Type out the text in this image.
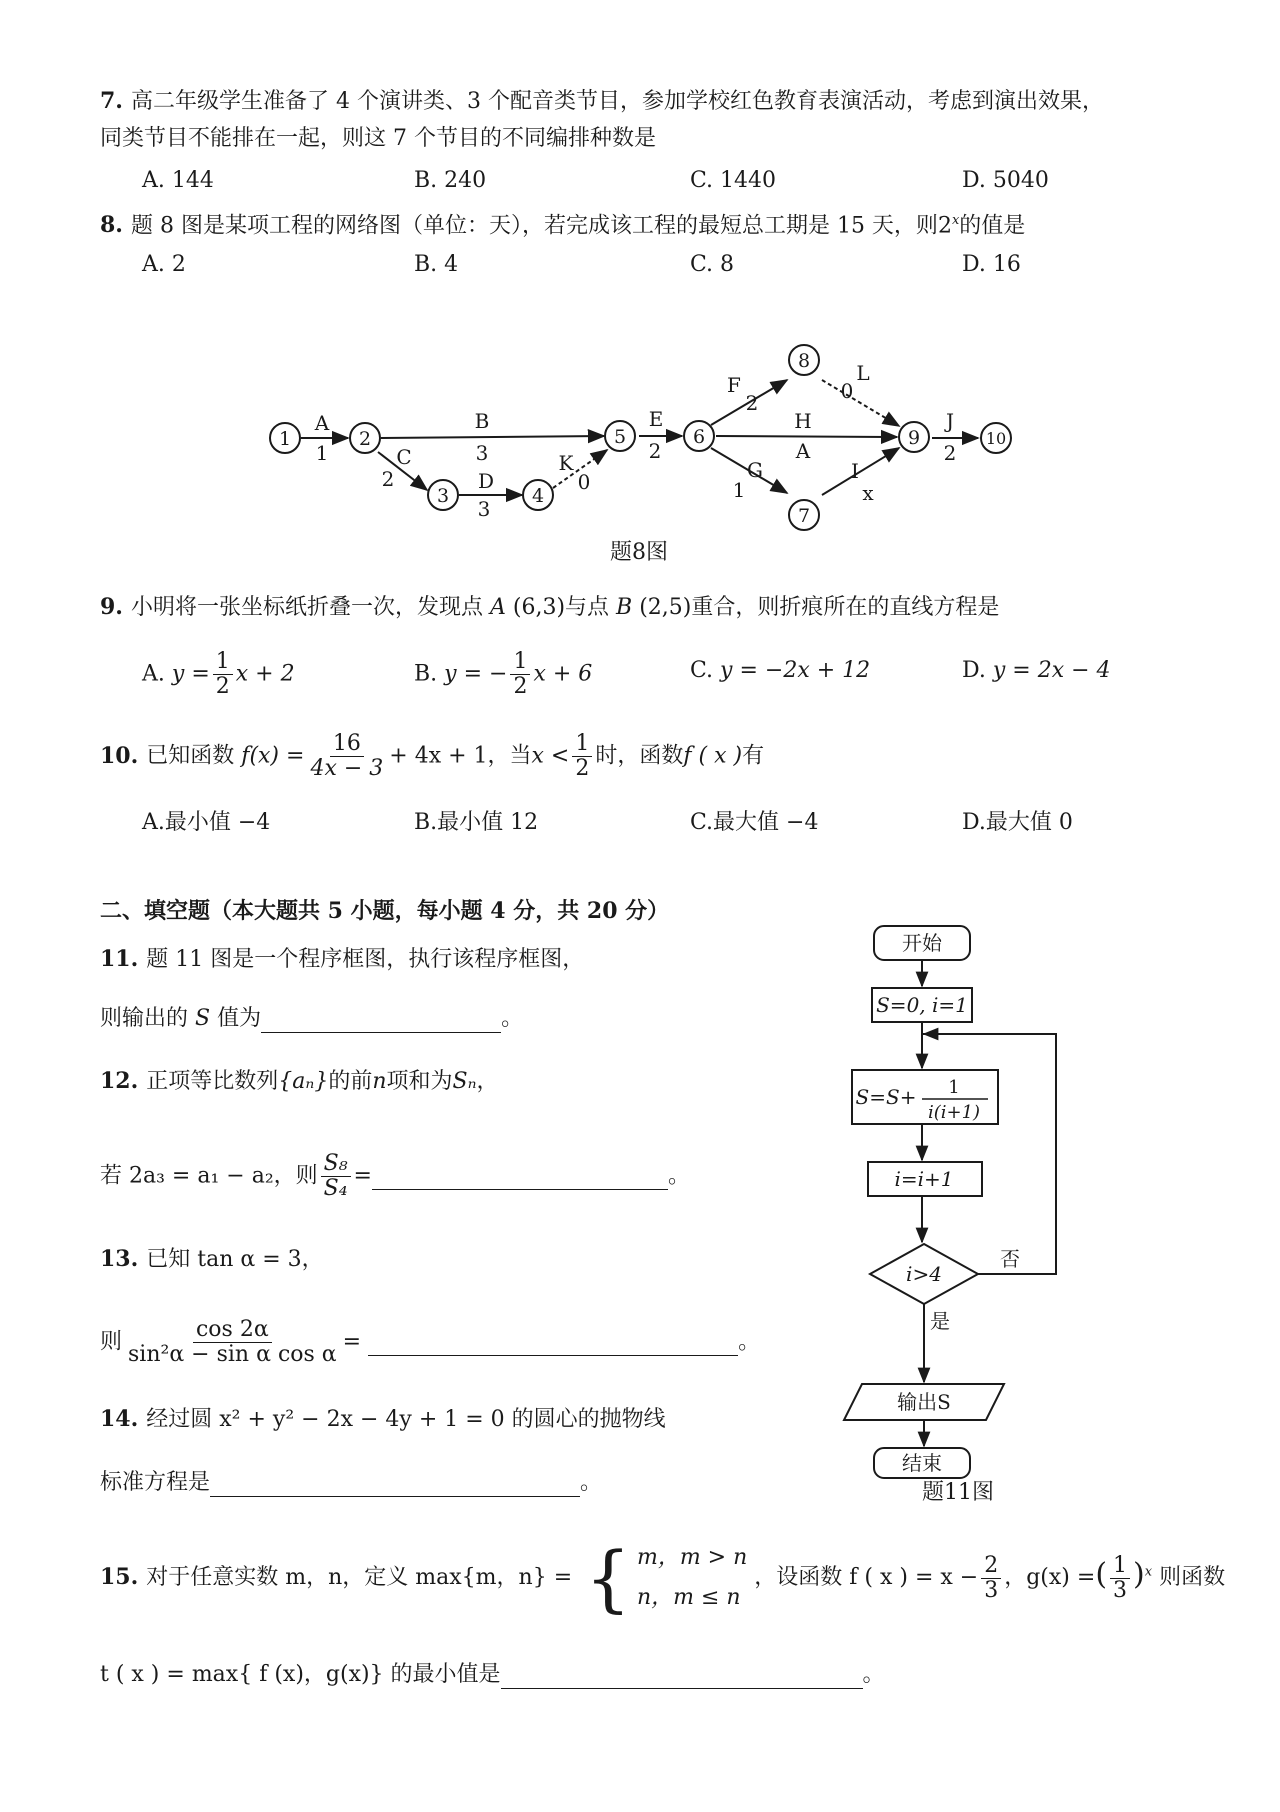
7. 高二年级学生准备了 4 个演讲类、3 个配音类节目，参加学校红色教育表演活动，考虑到演出效果，
同类节目不能排在一起，则这 7 个节目的不同编排种数是
A. 144	B. 240	C. 1440	D. 5040
8. 题 8 图是某项工程的网络图（单位：天），若完成该工程的最短总工期是 15 天，则2$^x$的值是
A. 2	B. 4	C. 8	D. 16
1	2
3	4
5	6
7
8
9	10
A
1
B
3
C
2	D
3
K
0
E
2
F
2
H
A
G
1
L
0
I
x
J
2
题8图
9. 小明将一张坐标纸折叠一次，发现点 A (6,3)与点 B (2,5)重合，则折痕所在的直线方程是
A. $y = \frac{1}{2}$ x + 2	B. y = − $\frac{1}{2}$ x + 6	C. y = −2x + 12	D. y = 2x − 4
10. 已知函数 $f(x) = \frac{16}{4x - 3} + 4x + 1$，当$x < \frac{1}{2}$ 时，函数f ( x )有
A.最小值 −4	B.最小值 12	C.最大值 −4	D.最大值 0
二、填空题（本大题共 5 小题，每小题 4 分，共 20 分）
11. 题 11 图是一个程序框图，执行该程序框图，
则输出的 S 值为	。
12. 正项等比数列{aₙ}的前n项和为Sₙ，
若 2a₃ = a₁ − a₂，则 $\frac{\text{S₈}}{\text{S₄}}$ =	。
13. 已知 tan α = 3，
则 $\frac{\cos 2\alpha}{\text{sin²α − sin α cos α}}$ =	。
14. 经过圆 x² + y² − 2x − 4y + 1 = 0 的圆心的抛物线
标准方程是	。
15. 对于任意实数 m，n，定义 max{m，n} = { m，m > n
n，m ≤ n
，设函数 f ( x ) = $x - \frac{2}{3}$ ，g(x) =( $\frac{1}{3} )^x$ 则函数
t ( x ) = max{ f (x)，g(x)} 的最小值是	。
开始
S=0, i=1
S=S+ 1
i(i+1)
i=i+1
i>4
否
是
输出S
结束
题11图
